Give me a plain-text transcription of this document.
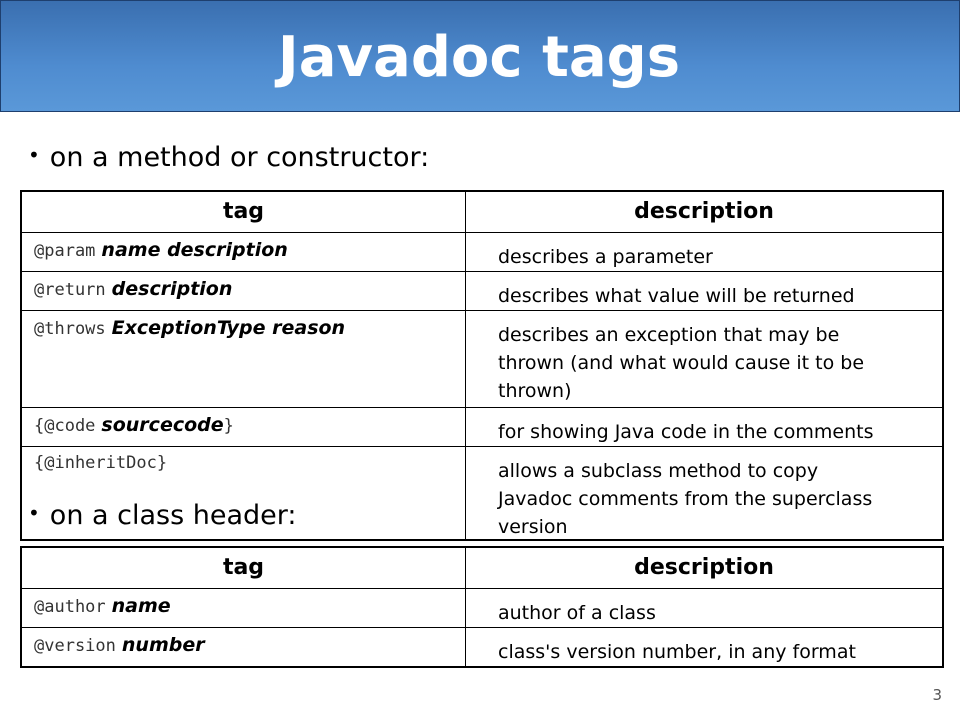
Javadoc tags
• on a method or constructor:
tag	description
@param name description	describes a parameter
@return description	describes what value will be returned
@throws ExceptionType reason	describes an exception that may be
thrown (and what would cause it to be
thrown)
{@code sourcecode}	for showing Java code in the comments
{@inheritDoc}	allows a subclass method to copy
Javadoc comments from the superclass
version
• on a class header:
tag	description
@author name	author of a class
@version number	class's version number, in any format
3
